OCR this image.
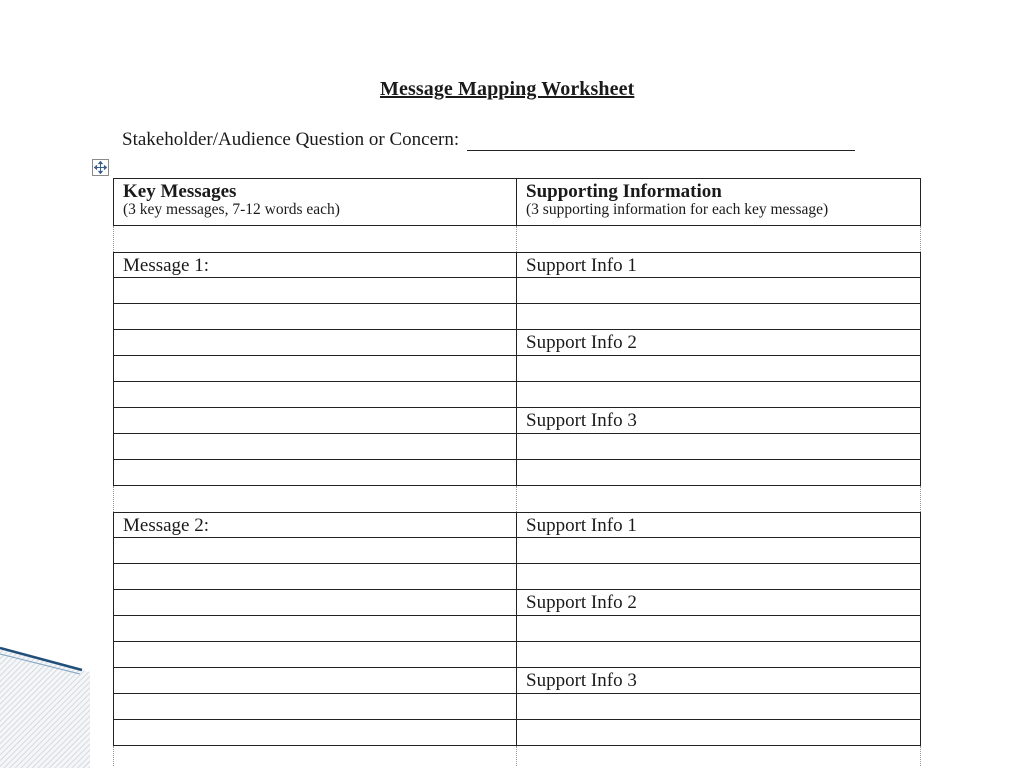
Message Mapping Worksheet
Stakeholder/Audience Question or Concern:
Key Messages
(3 key messages, 7-12 words each)
Supporting Information
(3 supporting information for each key message)
Message 1:	Support Info 1
Support Info 2
Support Info 3
Message 2:	Support Info 1
Support Info 2
Support Info 3
